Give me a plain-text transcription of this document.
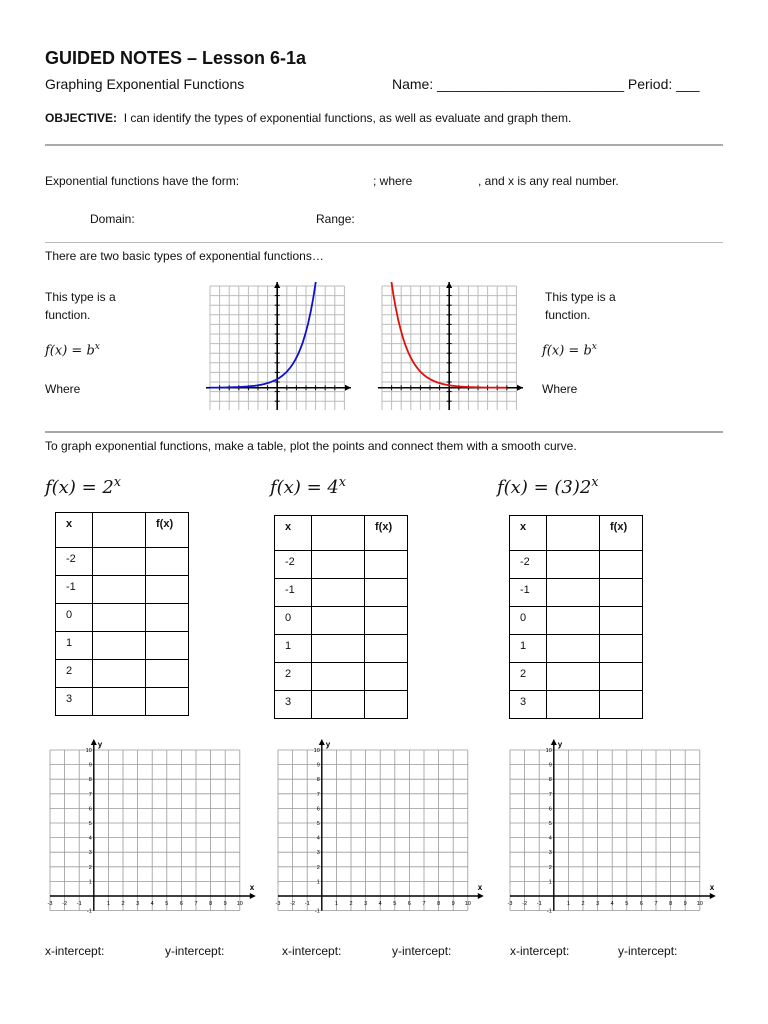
GUIDED NOTES – Lesson 6-1a
Graphing Exponential Functions	Name: ________________________ Period: ___
OBJECTIVE: I can identify the types of exponential functions, as well as evaluate and graph them.
Exponential functions have the form:	; where	, and x is any real number.
Domain:	Range:
There are two basic types of exponential functions…
This type is a
function.
$f(x) = b^x$
Where
This type is a
function.
$f(x) = b^x$
Where
To graph exponential functions, make a table, plot the points and connect them with a smooth curve.
$f(x) = 2^x$	$f(x) = 4^x$	$f(x) = (3)2^x$
x		f(x)
-2		
-1		
0		
1		
2		
3		
x		f(x)
-2		
-1		
0		
1		
2		
3		
x		f(x)
-2		
-1		
0		
1		
2		
3		
y
x
-3 -2 -1	1 2 3 4 5 6 7 8 9 10
10
9
8
7
6
5
4
3
2
1
-1
y
x
-3 -2 -1	1 2 3 4 5 6 7 8 9 10
10
9
8
7
6
5
4
3
2
1
-1
y
x
-3 -2 -1	1 2 3 4 5 6 7 8 9 10
10
9
8
7
6
5
4
3
2
1
-1
x-intercept:	y-intercept:	x-intercept:	y-intercept:	x-intercept:	y-intercept:
